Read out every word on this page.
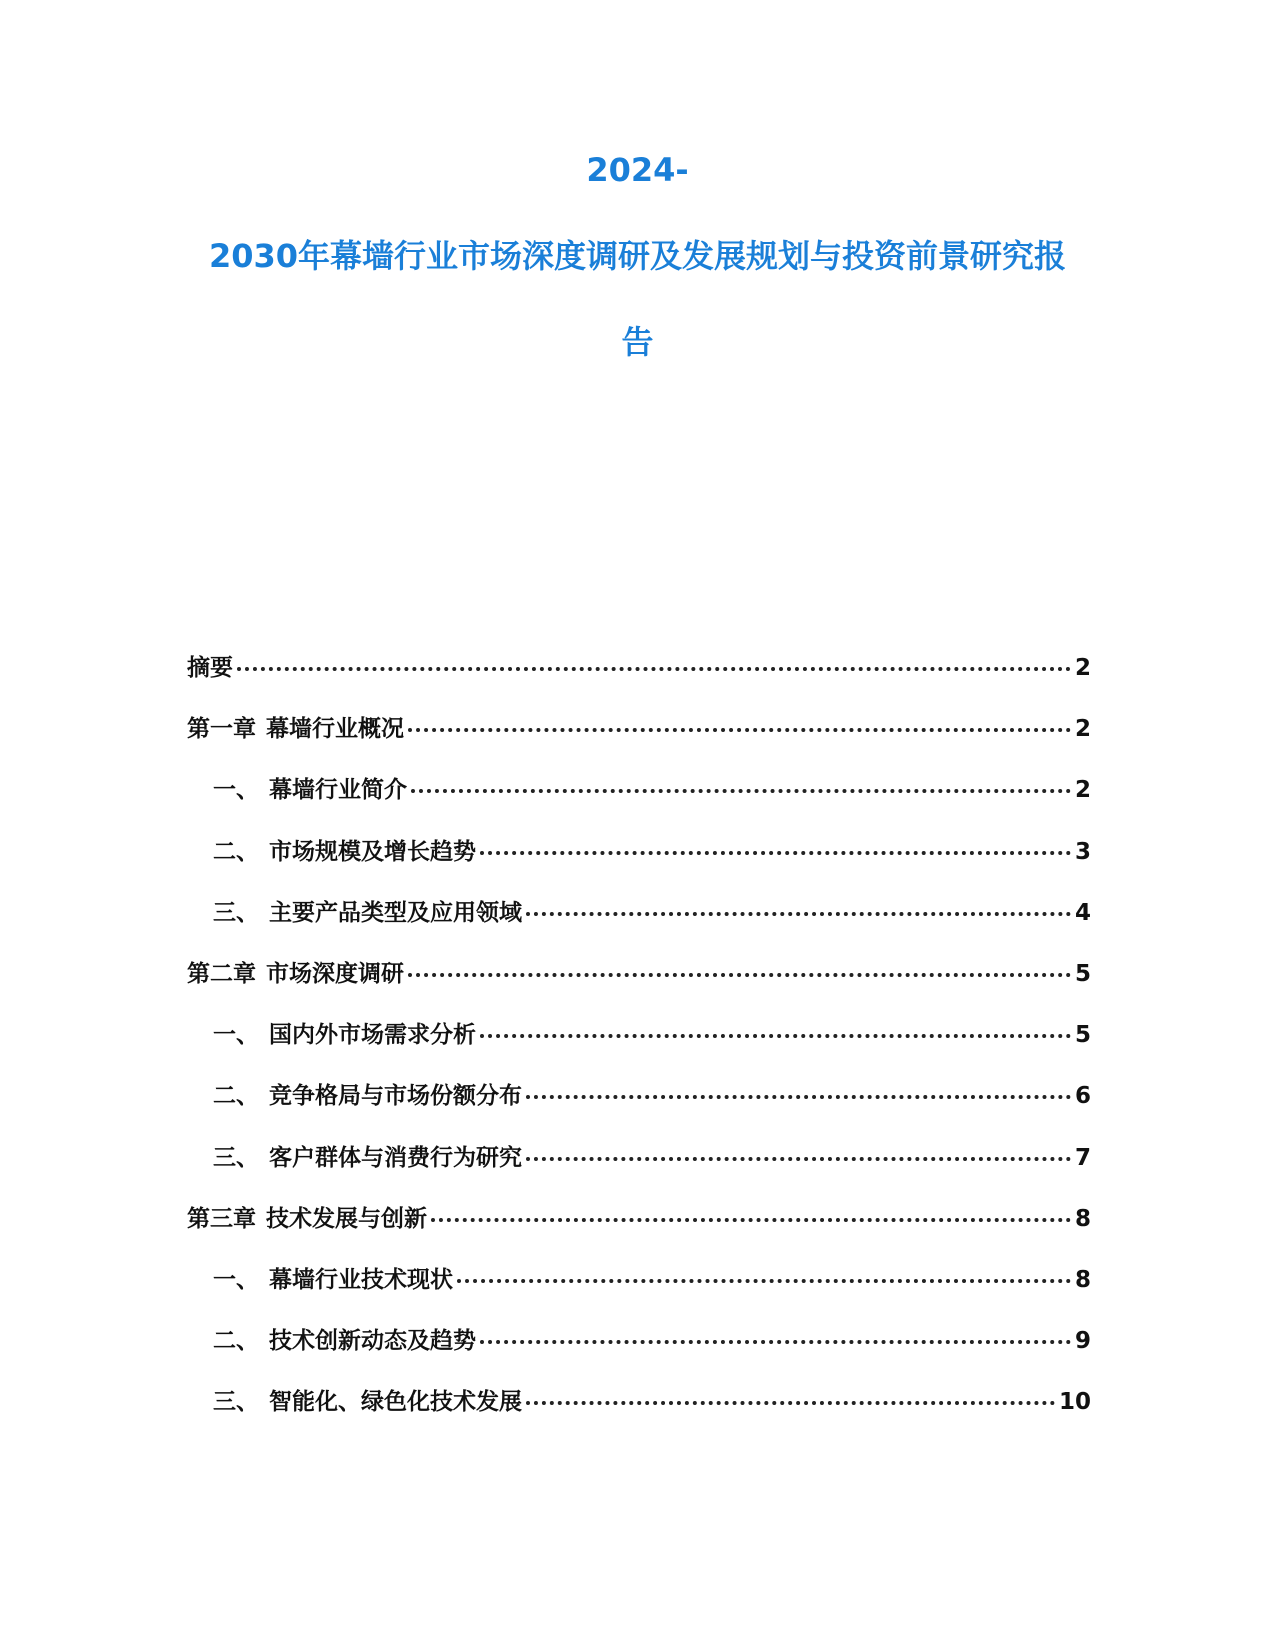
2024-
2030年幕墙行业市场深度调研及发展规划与投资前景研究报
告
摘要	2
第一章 幕墙行业概况	2
一、 幕墙行业简介	2
二、 市场规模及增长趋势	3
三、 主要产品类型及应用领域	4
第二章 市场深度调研	5
一、 国内外市场需求分析	5
二、 竞争格局与市场份额分布	6
三、 客户群体与消费行为研究	7
第三章 技术发展与创新	8
一、 幕墙行业技术现状	8
二、 技术创新动态及趋势	9
三、 智能化、绿色化技术发展	10
